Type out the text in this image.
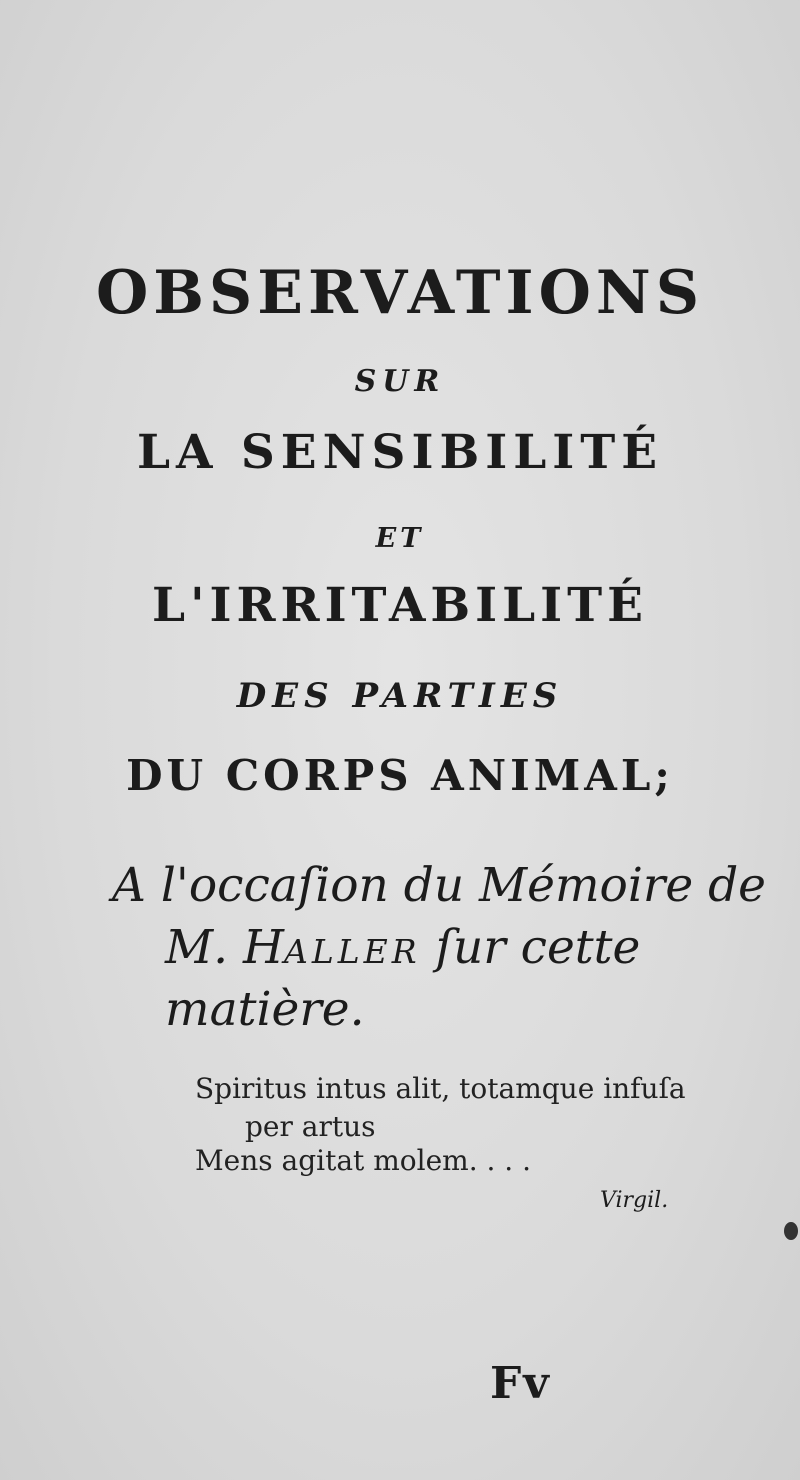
OBSERVATIONS
SUR
LA SENSIBILITÉ
ET
L'IRRITABILITÉ
DES PARTIES
DU CORPS ANIMAL;
A l'occaſion du Mémoire de
M. Haller ſur cette
matière.
Spiritus intus alit, totamque infuſa
per artus
Mens agitat molem. . . .
Virgil.
Fv
